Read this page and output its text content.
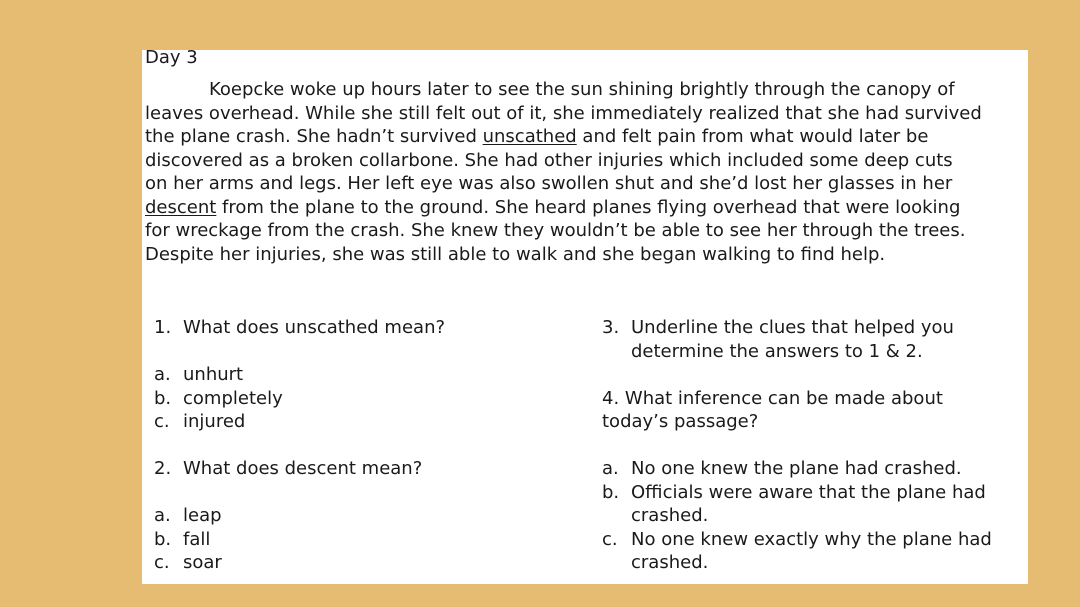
Day 3
Koepcke woke up hours later to see the sun shining brightly through the canopy of
leaves overhead. While she still felt out of it, she immediately realized that she had survived
the plane crash. She hadn’t survived unscathed and felt pain from what would later be
discovered as a broken collarbone. She had other injuries which included some deep cuts
on her arms and legs. Her left eye was also swollen shut and she’d lost her glasses in her
descent from the plane to the ground. She heard planes flying overhead that were looking
for wreckage from the crash. She knew they wouldn’t be able to see her through the trees.
Despite her injuries, she was still able to walk and she began walking to find help.
1. What does unscathed mean?
a. unhurt
b. completely
c. injured
2. What does descent mean?
a. leap
b. fall
c. soar
3. Underline the clues that helped you
determine the answers to 1 & 2.
4. What inference can be made about
today’s passage?
a. No one knew the plane had crashed.
b. Officials were aware that the plane had
crashed.
c. No one knew exactly why the plane had
crashed.
